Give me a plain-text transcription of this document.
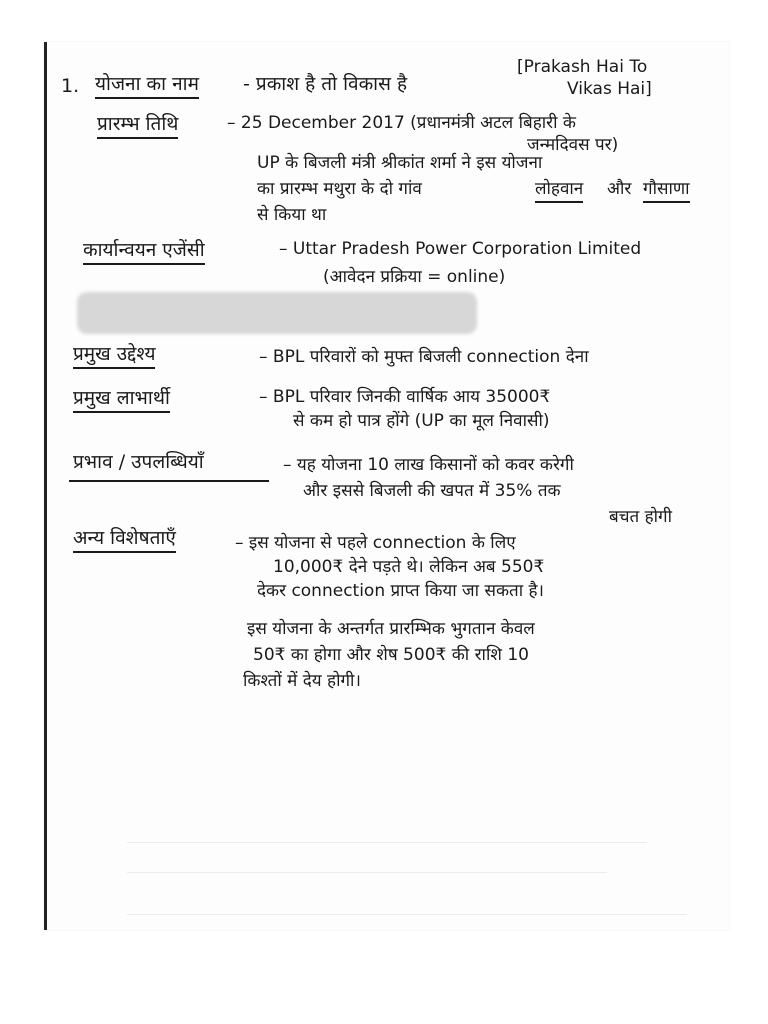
1. योजना का नाम - प्रकाश है तो विकास है
[Prakash Hai To
Vikas Hai]
प्रारम्भ तिथि	– 25 December 2017 (प्रधानमंत्री अटल बिहारी के
जन्मदिवस पर)
UP के बिजली मंत्री श्रीकांत शर्मा ने इस योजना
का प्रारम्भ मथुरा के दो गांव	लोहवान और गौसाणा
से किया था
कार्यान्वयन एजेंसी	– Uttar Pradesh Power Corporation Limited
(आवेदन प्रक्रिया = online)
प्रमुख उद्देश्य	– BPL परिवारों को मुफ्त बिजली connection देना
प्रमुख लाभार्थी	– BPL परिवार जिनकी वार्षिक आय 35000₹
से कम हो पात्र होंगे (UP का मूल निवासी)
प्रभाव / उपलब्धियाँ	– यह योजना 10 लाख किसानों को कवर करेगी
और इससे बिजली की खपत में 35% तक
बचत होगी
अन्य विशेषताएँ	– इस योजना से पहले connection के लिए
10,000₹ देने पड़ते थे। लेकिन अब 550₹
देकर connection प्राप्त किया जा सकता है।
इस योजना के अन्तर्गत प्रारम्भिक भुगतान केवल
50₹ का होगा और शेष 500₹ की राशि 10
किश्तों में देय होगी।
